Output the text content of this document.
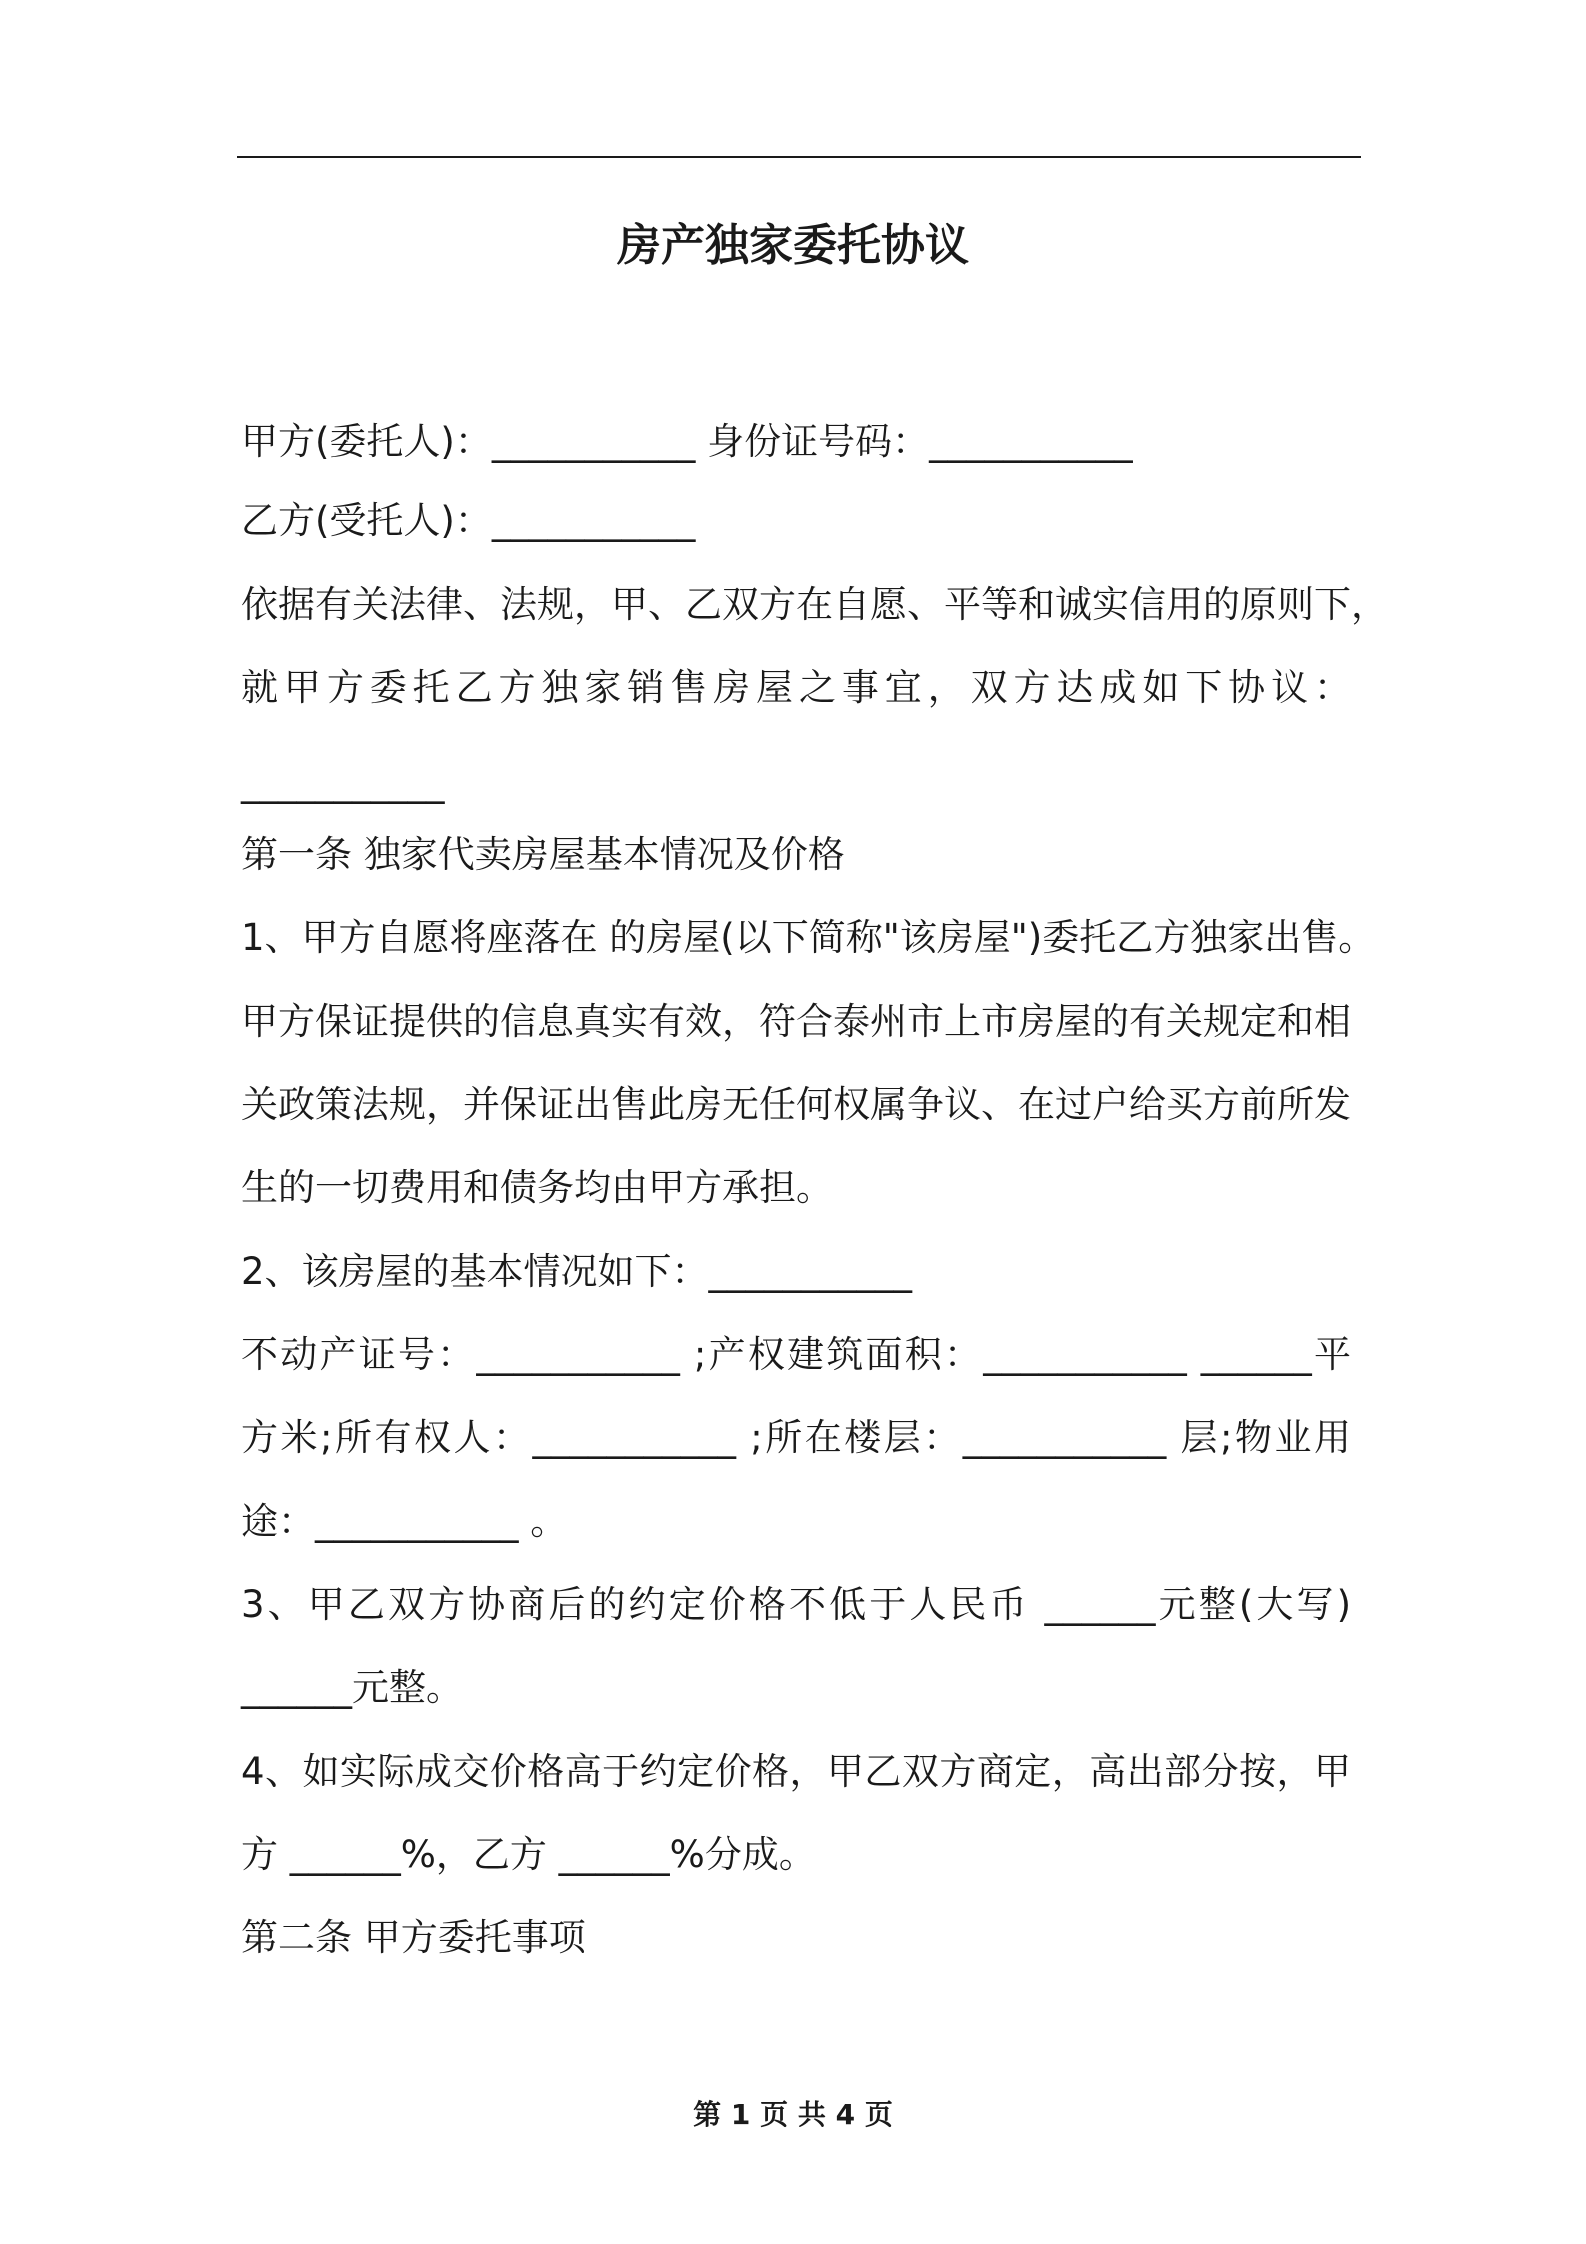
房产独家委托协议
甲方(委托人)：___________ 身份证号码：___________
乙方(受托人)：___________
依据有关法律、法规，甲、乙双方在自愿、平等和诚实信用的原则下，
就甲方委托乙方独家销售房屋之事宜，双方达成如下协议：
___________
第一条 独家代卖房屋基本情况及价格
1、甲方自愿将座落在 的房屋(以下简称"该房屋")委托乙方独家出售。
甲方保证提供的信息真实有效，符合泰州市上市房屋的有关规定和相
关政策法规，并保证出售此房无任何权属争议、在过户给买方前所发
生的一切费用和债务均由甲方承担。
2、该房屋的基本情况如下：___________
不动产证号：___________ ;产权建筑面积：___________ ______平
方米;所有权人：___________ ;所在楼层：___________ 层;物业用
途：___________ 。
3、甲乙双方协商后的约定价格不低于人民币 ______元整(大写)
______元整。
4、如实际成交价格高于约定价格，甲乙双方商定，高出部分按，甲
方 ______%，乙方 ______%分成。
第二条 甲方委托事项
第 1 页 共 4 页
